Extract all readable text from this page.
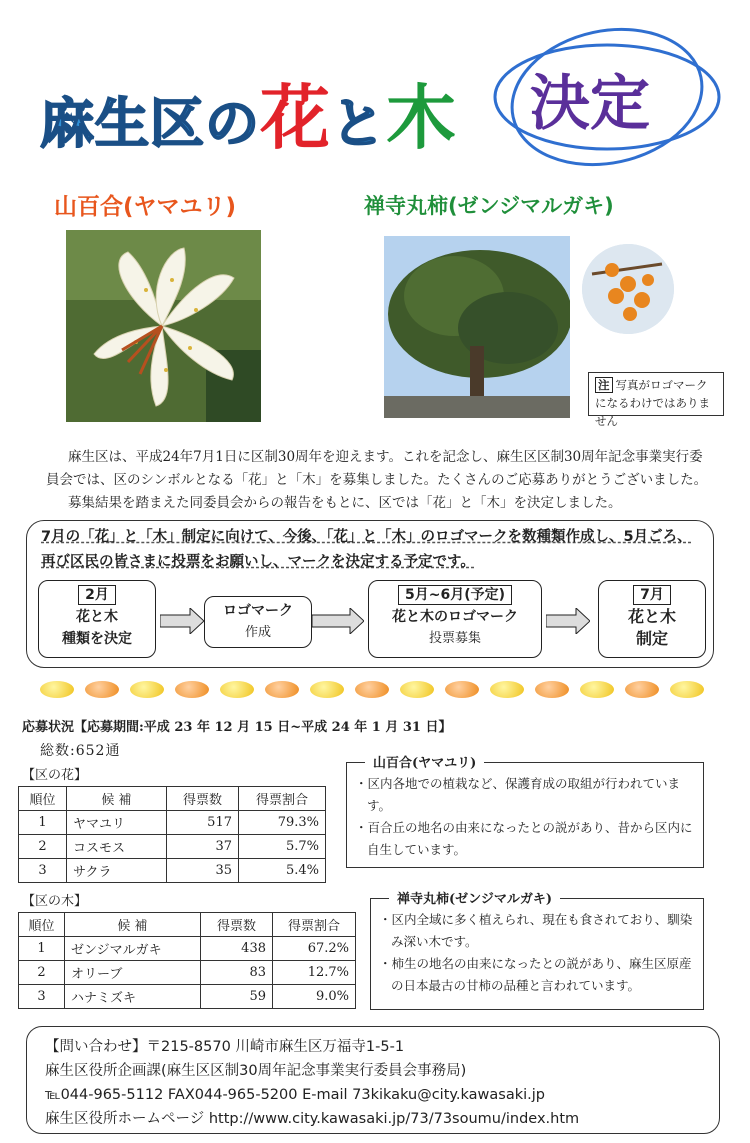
麻生区の花と木 決定
山百合(ヤマユリ)	禅寺丸柿(ゼンジマルガキ)
注 写真がロゴマークになるわけではありません

麻生区は、平成24年7月1日に区制30周年を迎えます。これを記念し、麻生区区制30周年記念事業実行委員会では、区のシンボルとなる「花」と「木」を募集しました。たくさんのご応募ありがとうございました。

募集結果を踏まえた同委員会からの報告をもとに、区では「花」と「木」を決定しました。

7月の「花」と「木」制定に向けて、今後、「花」と「木」のロゴマークを数種類作成し、5月ごろ、再び区民の皆さまに投票をお願いし、マークを決定する予定です。
2月
花と木
種類を決定
ロゴマーク
作成
5月~6月(予定)
花と木のロゴマーク
投票募集
7月
花と木
制定
応募状況【応募期間:平成 23 年 12 月 15 日~平成 24 年 1 月 31 日】
総数:652通
【区の花】
順位	候 補	得票数	得票割合
1	ヤマユリ	517	79.3%
2	コスモス	37	5.7%
3	サクラ	35	5.4%
【区の木】
順位	候 補	得票数	得票割合
1	ゼンジマルガキ	438	67.2%
2	オリーブ	83	12.7%
3	ハナミズキ	59	9.0%
山百合(ヤマユリ)
・区内各地での植栽など、保護育成の取組が行われています。
・百合丘の地名の由来になったとの説があり、昔から区内に自生しています。
禅寺丸柿(ゼンジマルガキ)
・区内全域に多く植えられ、現在も食されており、馴染み深い木です。
・柿生の地名の由来になったとの説があり、麻生区原産の日本最古の甘柿の品種と言われています。
【問い合わせ】〒215-8570 川崎市麻生区万福寺1-5-1
麻生区役所企画課(麻生区区制30周年記念事業実行委員会事務局)
℡044-965-5112 FAX044-965-5200 E-mail 73kikaku@city.kawasaki.jp
麻生区役所ホームページ http://www.city.kawasaki.jp/73/73soumu/index.htm
